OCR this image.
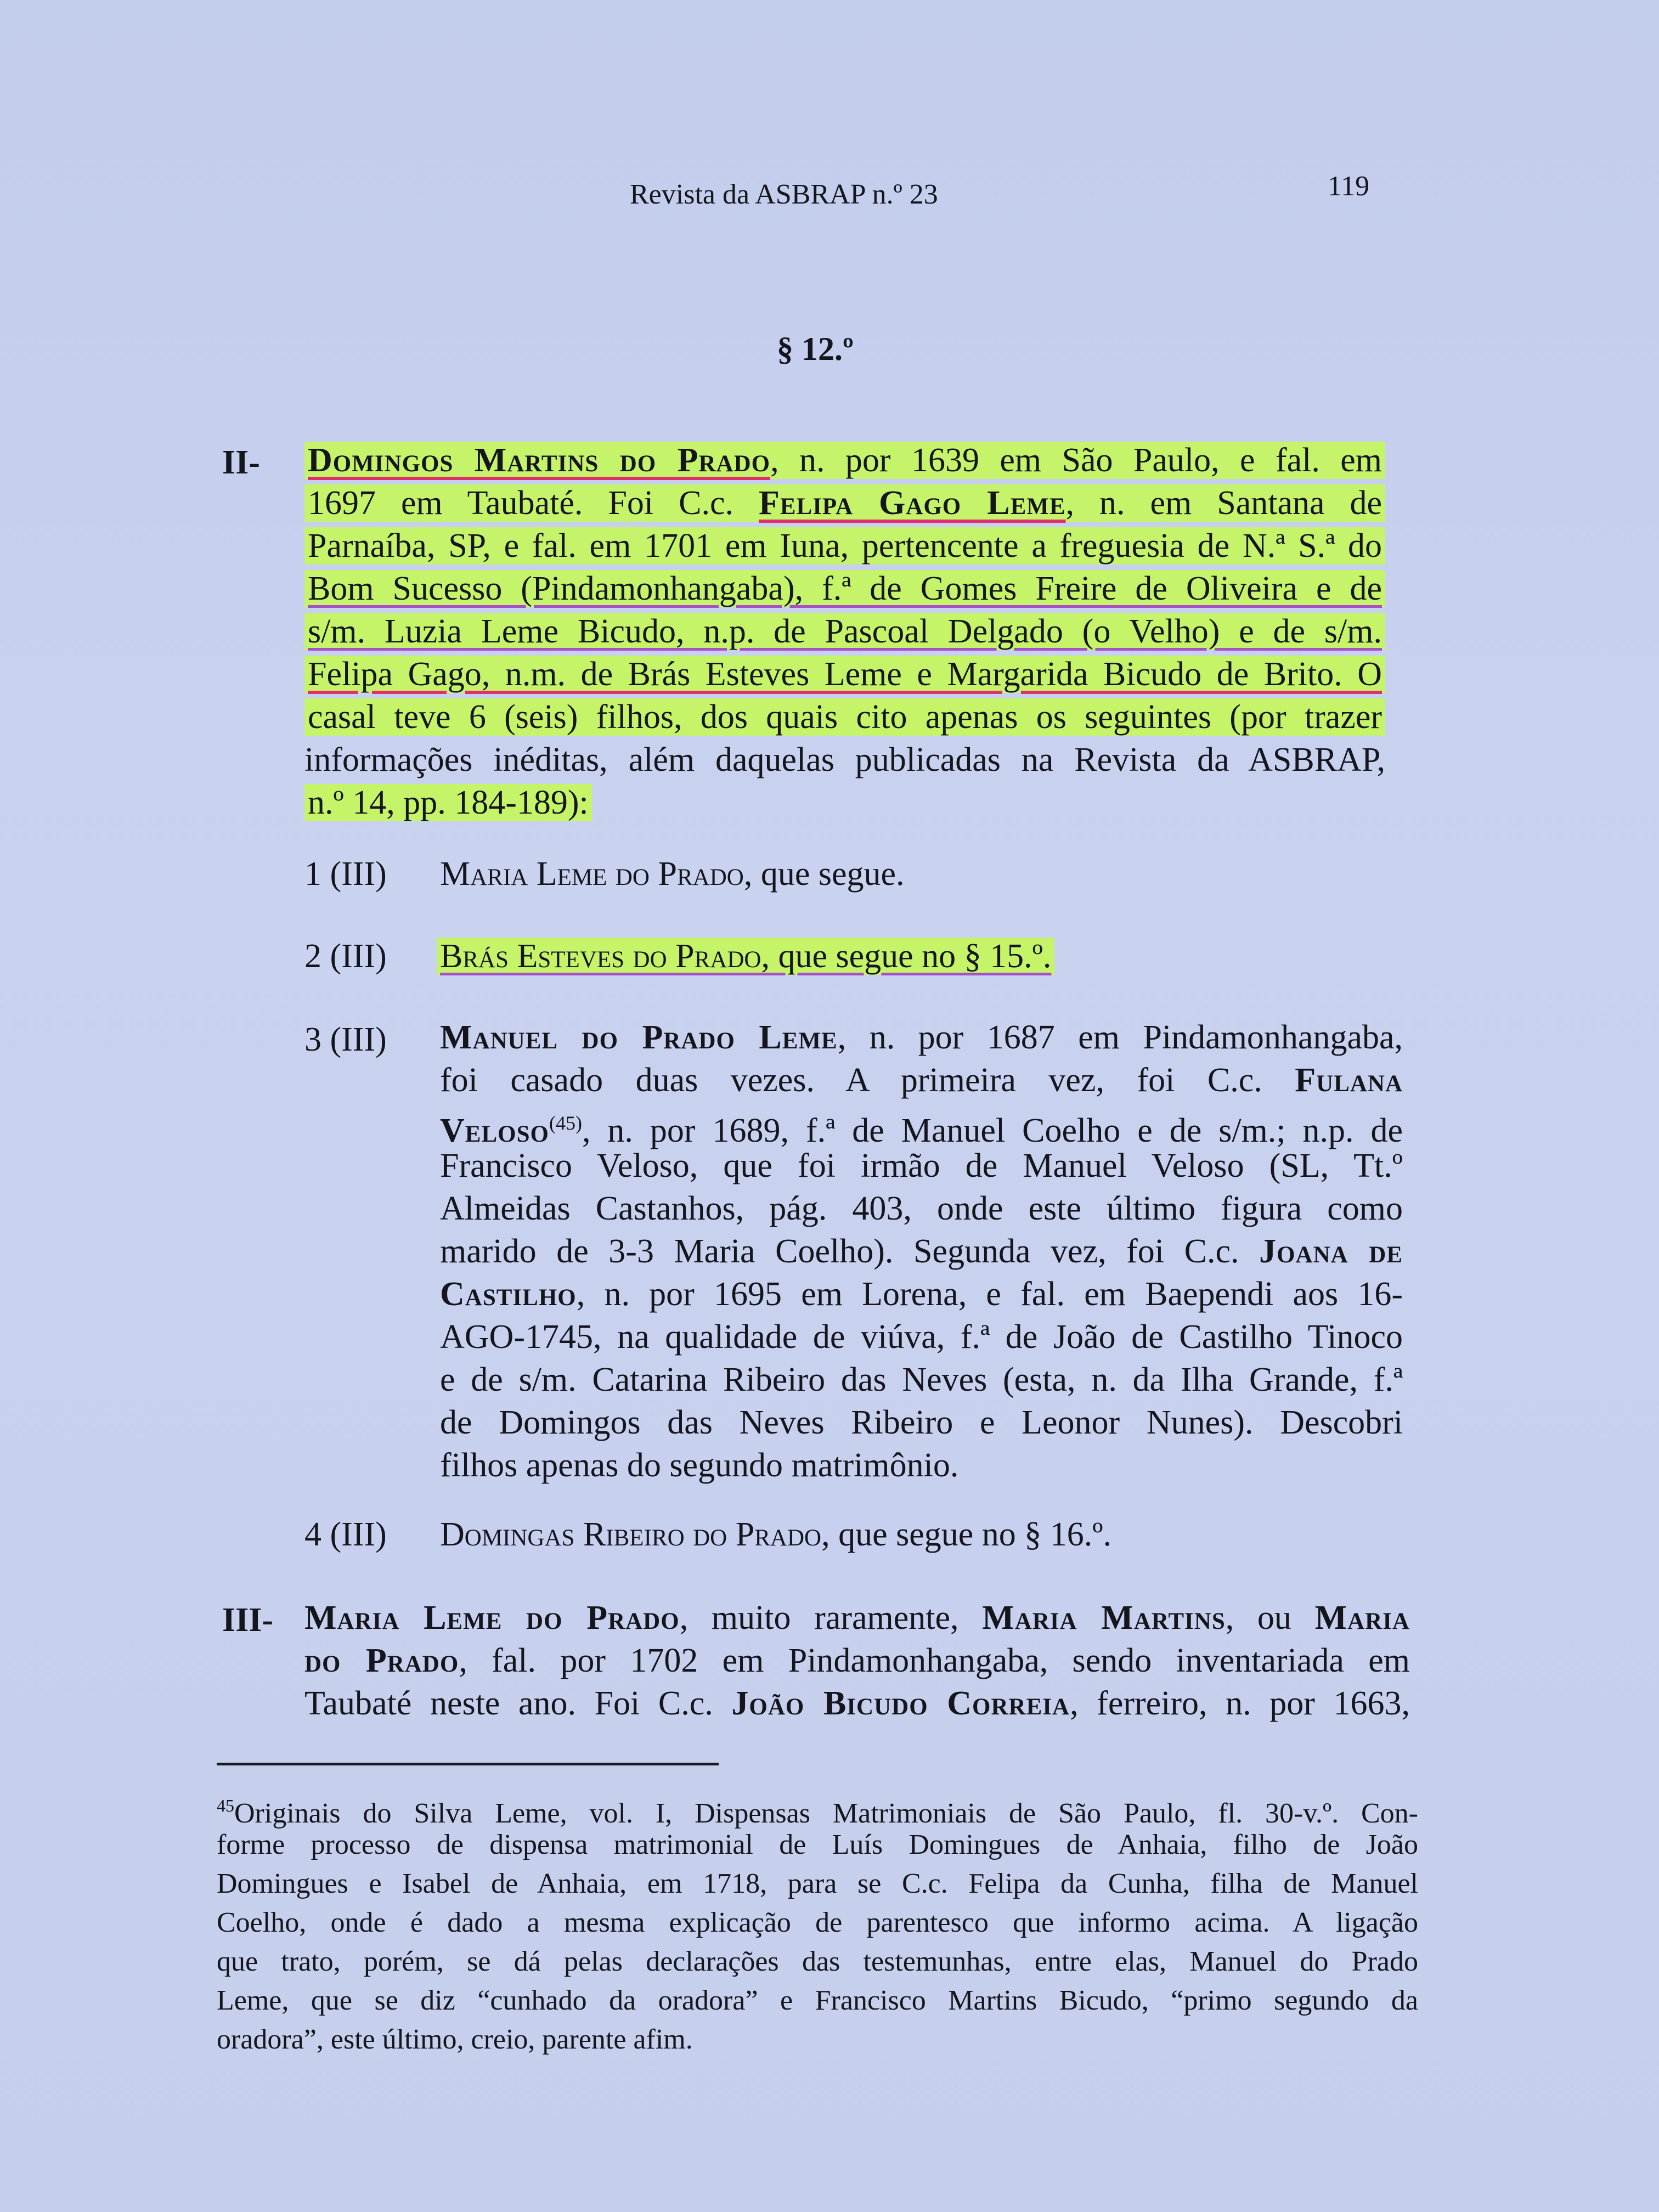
Revista da ASBRAP n.º 23	119
§ 12.º
II- Domingos Martins do Prado, n. por 1639 em São Paulo, e fal. em
1697 em Taubaté. Foi C.c. Felipa Gago Leme, n. em Santana de
Parnaíba, SP, e fal. em 1701 em Iuna, pertencente a freguesia de N.ª S.ª do
Bom Sucesso (Pindamonhangaba), f.ª de Gomes Freire de Oliveira e de
s/m. Luzia Leme Bicudo, n.p. de Pascoal Delgado (o Velho) e de s/m.
Felipa Gago, n.m. de Brás Esteves Leme e Margarida Bicudo de Brito. O
casal teve 6 (seis) filhos, dos quais cito apenas os seguintes (por trazer
informações inéditas, além daquelas publicadas na Revista da ASBRAP,
n.º 14, pp. 184-189):
1 (III) Maria Leme do Prado, que segue.
2 (III) Brás Esteves do Prado, que segue no § 15.º.
3 (III) Manuel do Prado Leme, n. por 1687 em Pindamonhangaba,
foi casado duas vezes. A primeira vez, foi C.c. Fulana
Veloso$^{(45)}$, n. por 1689, f.ª de Manuel Coelho e de s/m.; n.p. de
Francisco Veloso, que foi irmão de Manuel Veloso (SL, Tt.º
Almeidas Castanhos, pág. 403, onde este último figura como
marido de 3-3 Maria Coelho). Segunda vez, foi C.c. Joana de
Castilho, n. por 1695 em Lorena, e fal. em Baependi aos 16-
AGO-1745, na qualidade de viúva, f.ª de João de Castilho Tinoco
e de s/m. Catarina Ribeiro das Neves (esta, n. da Ilha Grande, f.ª
de Domingos das Neves Ribeiro e Leonor Nunes). Descobri
filhos apenas do segundo matrimônio.
4 (III) Domingas Ribeiro do Prado, que segue no § 16.º.
III- Maria Leme do Prado, muito raramente, Maria Martins, ou Maria
do Prado, fal. por 1702 em Pindamonhangaba, sendo inventariada em
Taubaté neste ano. Foi C.c. João Bicudo Correia, ferreiro, n. por 1663,
$^{45}$Originais do Silva Leme, vol. I, Dispensas Matrimoniais de São Paulo, fl. 30-v.º. Con-
forme processo de dispensa matrimonial de Luís Domingues de Anhaia, filho de João
Domingues e Isabel de Anhaia, em 1718, para se C.c. Felipa da Cunha, filha de Manuel
Coelho, onde é dado a mesma explicação de parentesco que informo acima. A ligação
que trato, porém, se dá pelas declarações das testemunhas, entre elas, Manuel do Prado
Leme, que se diz “cunhado da oradora” e Francisco Martins Bicudo, “primo segundo da
oradora”, este último, creio, parente afim.
